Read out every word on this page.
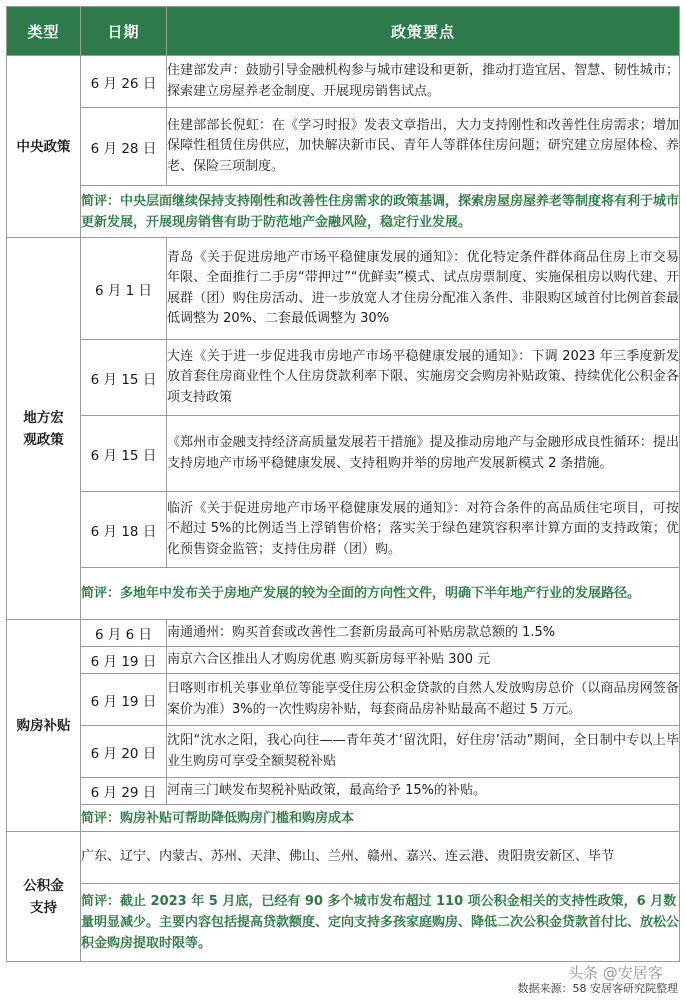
类型	日期	政策要点
中央政策	6 月 26 日	住建部发声：鼓励引导金融机构参与城市建设和更新，推动打造宜居、智慧、韧性城市；探索建立房屋养老金制度、开展现房销售试点。
	6 月 28 日	住建部部长倪虹：在《学习时报》发表文章指出，大力支持刚性和改善性住房需求；增加保障性租赁住房供应，加快解决新市民、青年人等群体住房问题；研究建立房屋体检、养老、保险三项制度。
	简评：中央层面继续保持支持刚性和改善性住房需求的政策基调，探索房屋房屋养老等制度将有利于城市更新发展，开展现房销售有助于防范地产金融风险，稳定行业发展。	
地方宏观政策	6 月 1 日	青岛《关于促进房地产市场平稳健康发展的通知》：优化特定条件群体商品住房上市交易年限、全面推行二手房“带押过”“优鲜卖”模式、试点房票制度、实施保租房以购代建、开展群（团）购住房活动、进一步放宽人才住房分配准入条件、非限购区域首付比例首套最低调整为 20%、二套最低调整为 30%
	6 月 15 日	大连《关于进一步促进我市房地产市场平稳健康发展的通知》：下调 2023 年三季度新发放首套住房商业性个人住房贷款利率下限、实施房交会购房补贴政策、持续优化公积金各项支持政策
	6 月 15 日	《郑州市金融支持经济高质量发展若干措施》提及推动房地产与金融形成良性循环：提出支持房地产市场平稳健康发展、支持租购并举的房地产发展新模式 2 条措施。
	6 月 18 日	临沂《关于促进房地产市场平稳健康发展的通知》：对符合条件的高品质住宅项目，可按不超过 5%的比例适当上浮销售价格；落实关于绿色建筑容积率计算方面的支持政策；优化预售资金监管；支持住房群（团）购。
	简评：多地年中发布关于房地产发展的较为全面的方向性文件，明确下半年地产行业的发展路径。	
购房补贴	6 月 6 日	南通通州：购买首套或改善性二套新房最高可补贴房款总额的 1.5%
	6 月 19 日	南京六合区推出人才购房优惠 购买新房每平补贴 300 元
	6 月 19 日	日喀则市机关事业单位等能享受住房公积金贷款的自然人发放购房总价（以商品房网签备案价为准）3%的一次性购房补贴，每套商品房补贴最高不超过 5 万元。
	6 月 20 日	沈阳“沈水之阳，我心向往——青年英才‘留沈阳，好住房’活动”期间，全日制中专以上毕业生购房可享受全额契税补贴
	6 月 29 日	河南三门峡发布契税补贴政策，最高给予 15%的补贴。
	简评：购房补贴可帮助降低购房门槛和购房成本	
公积金支持	广东、辽宁、内蒙古、苏州、天津、佛山、兰州、赣州、嘉兴、连云港、贵阳贵安新区、毕节	
	简评：截止 2023 年 5 月底，已经有 90 多个城市发布超过 110 项公积金相关的支持性政策，6 月数量明显减少。主要内容包括提高贷款额度、定向支持多孩家庭购房、降低二次公积金贷款首付比、放松公积金购房提取时限等。	
头条 @安居客
数据来源：58 安居客研究院整理
